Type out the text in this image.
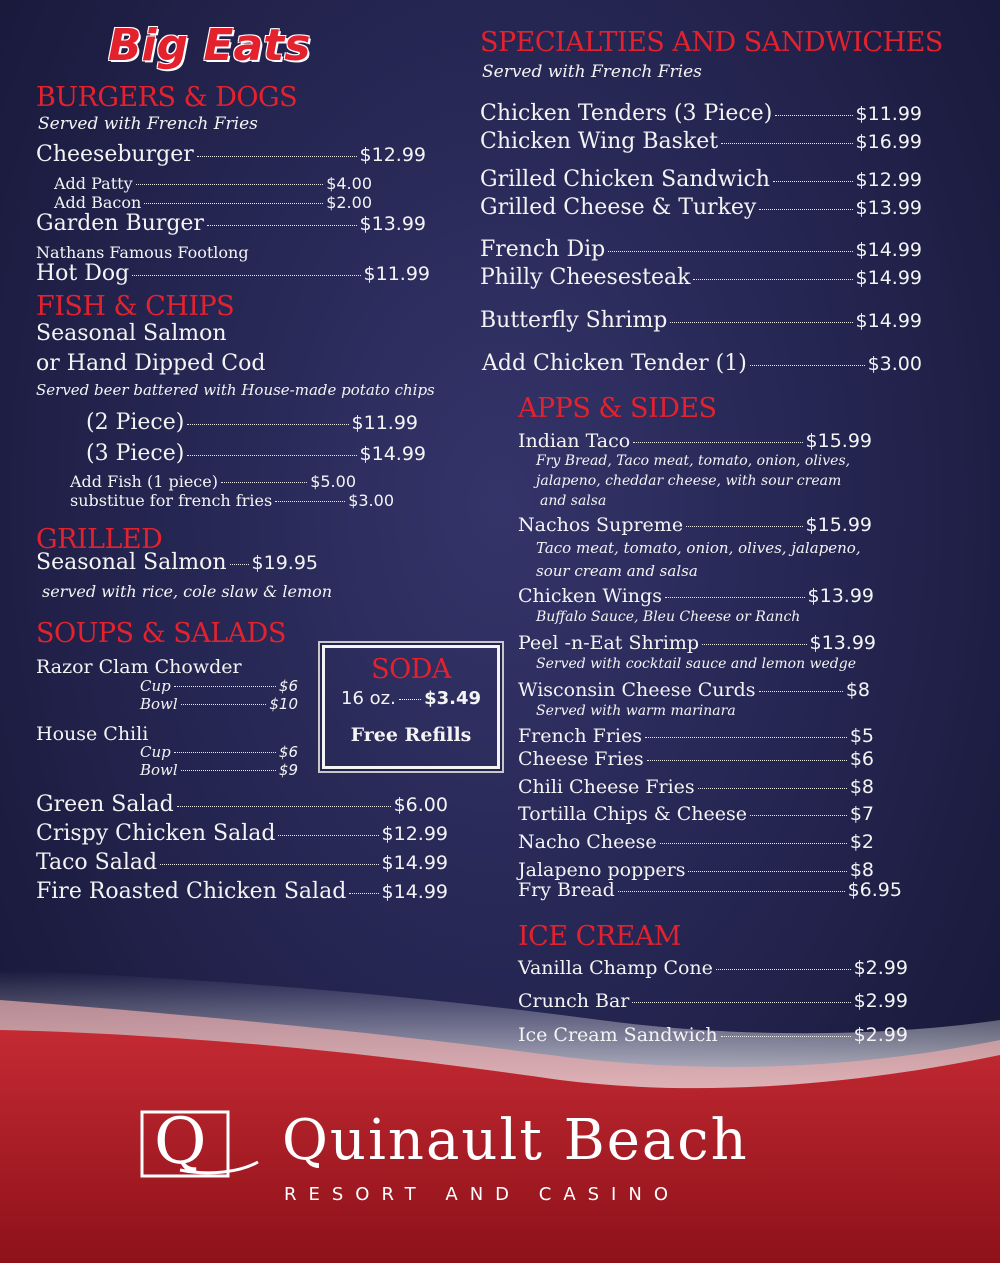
Big Eats
BURGERS & DOGS
Served with French Fries
Cheeseburger	$12.99
Add Patty	$4.00
Add Bacon	$2.00
Garden Burger	$13.99
Nathans Famous Footlong
Hot Dog	$11.99
FISH & CHIPS
Seasonal Salmon
or Hand Dipped Cod
Served beer battered with House-made potato chips
(2 Piece)	$11.99
(3 Piece)	$14.99
Add Fish (1 piece)	$5.00
substitue for french fries	$3.00
GRILLED
Seasonal Salmon $19.95
served with rice, cole slaw & lemon
SOUPS & SALADS
Razor Clam Chowder
Cup	$6
Bowl	$10
House Chili
Cup	$6
Bowl	$9
Green Salad	$6.00
Crispy Chicken Salad	$12.99
Taco Salad	$14.99
Fire Roasted Chicken Salad $14.99
SODA
16 oz. $3.49
Free Refills
SPECIALTIES AND SANDWICHES
Served with French Fries
Chicken Tenders (3 Piece)	$11.99
Chicken Wing Basket	$16.99
Grilled Chicken Sandwich	$12.99
Grilled Cheese & Turkey	$13.99
French Dip	$14.99
Philly Cheesesteak	$14.99
Butterfly Shrimp	$14.99
Add Chicken Tender (1)	$3.00
APPS & SIDES
Indian Taco	$15.99
Fry Bread, Taco meat, tomato, onion, olives,
jalapeno, cheddar cheese, with sour cream
and salsa
Nachos Supreme	$15.99
Taco meat, tomato, onion, olives, jalapeno,
sour cream and salsa
Chicken Wings	$13.99
Buffalo Sauce, Bleu Cheese or Ranch
Peel -n-Eat Shrimp	$13.99
Served with cocktail sauce and lemon wedge
Wisconsin Cheese Curds	$8
Served with warm marinara
French Fries	$5
Cheese Fries	$6
Chili Cheese Fries	$8
Tortilla Chips & Cheese	$7
Nacho Cheese	$2
Jalapeno poppers	$8
Fry Bread	$6.95
ICE CREAM
Vanilla Champ Cone	$2.99
Crunch Bar	$2.99
Ice Cream Sandwich	$2.99
Q Quinault Beach
RESORT AND CASINO
